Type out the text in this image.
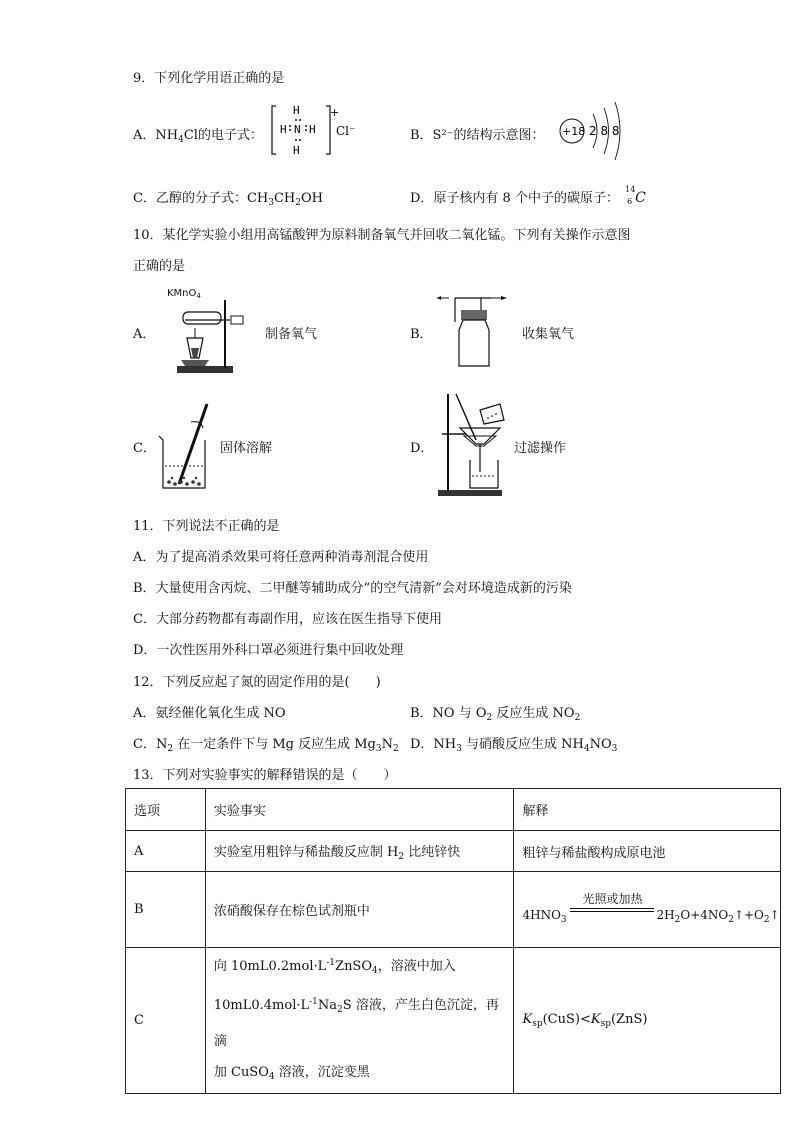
9．下列化学用语正确的是
A．$NH_4Cl$的电子式：
H
H N H
H
+
Cl⁻	B．S²⁻的结构示意图： +18 2 8 8
C．乙醇的分子式：$CH_3CH_2OH$	D．原子核内有 8 个中子的碳原子：
14
6 C
10．某化学实验小组用高锰酸钾为原料制备氧气并回收二氧化锰。下列有关操作示意图
正确的是
A．
KMnO$_4$
制备氧气	B．	收集氧气
C．	固体溶解	D．	过滤操作
11．下列说法不正确的是
A．为了提高消杀效果可将任意两种消毒剂混合使用
B．大量使用含丙烷、二甲醚等辅助成分“的空气清新”会对环境造成新的污染
C．大部分药物都有毒副作用，应该在医生指导下使用
D．一次性医用外科口罩必须进行集中回收处理
12．下列反应起了氮的固定作用的是(　　)
A．氨经催化氧化生成 NO	B．NO 与 $O_2$ 反应生成 $NO_2$
C．$N_2$ 在一定条件下与 Mg 反应生成 $Mg_3N_2$ D．$NH_3$ 与硝酸反应生成 $NH_4NO_3$
13．下列对实验事实的解释错误的是（　　）
选项	实验事实	解释
A	实验室用粗锌与稀盐酸反应制 $H_2$ 比纯锌快	粗锌与稀盐酸构成原电池
B	浓硝酸保存在棕色试剂瓶中	$4HNO_3$
光照或加热
$2H_2O+4NO_2↑+O_2↑$

C	向 $10mL0.2mol\cdot L^{-1}ZnSO_4$，溶液中加入
$10mL0.4mol\cdot L^{-1}Na_2S$ 溶液，产生白色沉淀，再滴
加 CuSO$_4$ 溶液，沉淀变黑	$K_{sp}(CuS)<K_{sp}(ZnS)$
